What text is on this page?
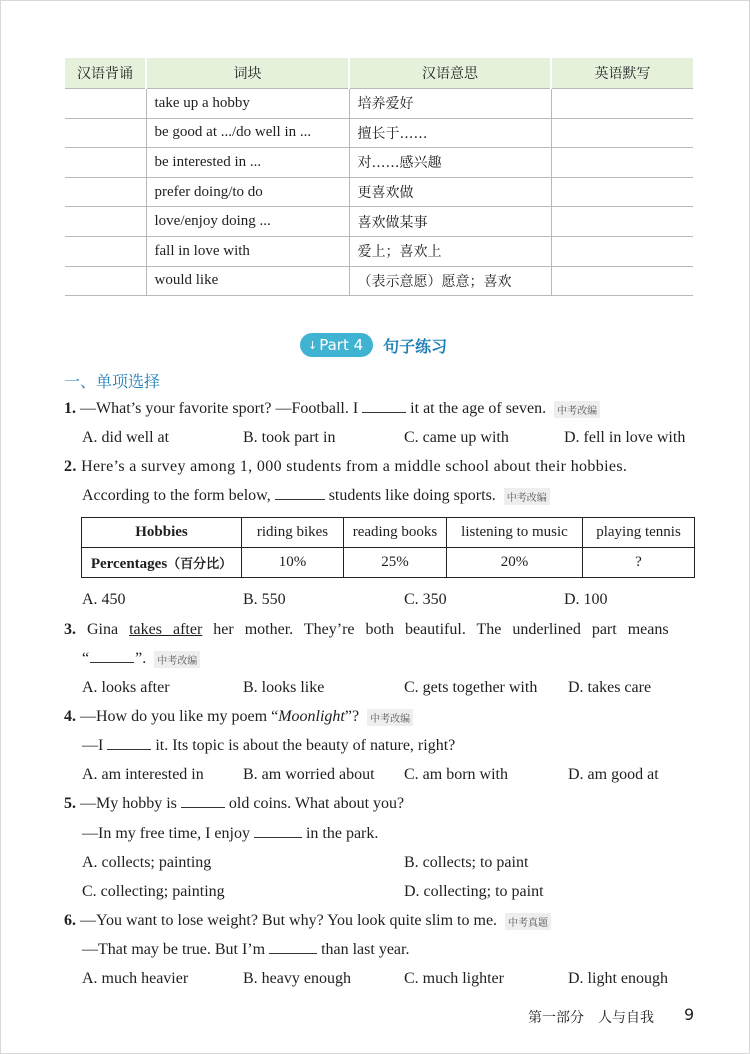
汉语背诵	词块	汉语意思	英语默写
	take up a hobby	培养爱好	
	be good at .../do well in ...	擅长于……	
	be interested in ...	对……感兴趣	
	prefer doing/to do	更喜欢做	
	love/enjoy doing ...	喜欢做某事	
	fall in love with	爱上；喜欢上	
	would like	（表示意愿）愿意；喜欢	
↓ Part 4 句子练习
一、单项选择
1. —What’s your favorite sport? —Football. I	it at the age of seven. 中考改编
A. did well at	B. took part in	C. came up with	D. fell in love with
2. Here’s a survey among 1, 000 students from a middle school about their hobbies.
According to the form below,	students like doing sports. 中考改编
Hobbies	riding bikes	reading books	listening to music	playing tennis
Percentages（百分比）	10%	25%	20%	?
A. 450	B. 550	C. 350	D. 100
3. Gina takes after her mother. They’re both beautiful. The underlined part means
“	”. 中考改编
A. looks after	B. looks like	C. gets together with D. takes care
4. —How do you like my poem “Moonlight”? 中考改编
—I	it. Its topic is about the beauty of nature, right?
A. am interested in B. am worried about C. am born with	D. am good at
5. —My hobby is	old coins. What about you?
—In my free time, I enjoy	in the park.
A. collects; painting	B. collects; to paint
C. collecting; painting	D. collecting; to paint
6. —You want to lose weight? But why? You look quite slim to me. 中考真题
—That may be true. But I’m	than last year.
A. much heavier	B. heavy enough	C. much lighter	D. light enough
第一部分　人与自我 9
